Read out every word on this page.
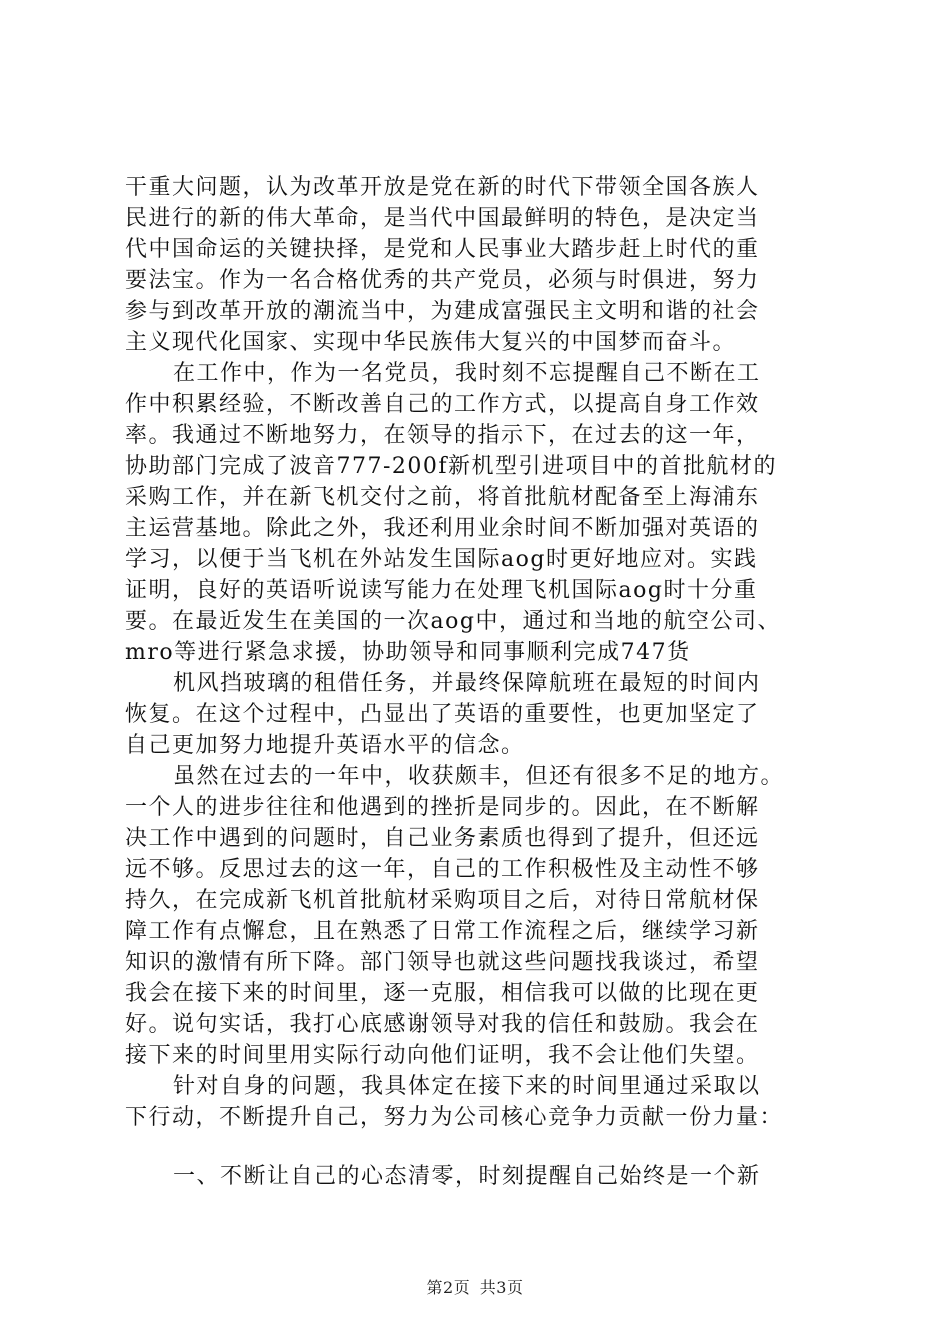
干重大问题，认为改革开放是党在新的时代下带领全国各族人
民进行的新的伟大革命，是当代中国最鲜明的特色，是决定当
代中国命运的关键抉择，是党和人民事业大踏步赶上时代的重
要法宝。作为一名合格优秀的共产党员，必须与时俱进，努力
参与到改革开放的潮流当中，为建成富强民主文明和谐的社会
主义现代化国家、实现中华民族伟大复兴的中国梦而奋斗。
在工作中，作为一名党员，我时刻不忘提醒自己不断在工
作中积累经验，不断改善自己的工作方式，以提高自身工作效
率。我通过不断地努力，在领导的指示下，在过去的这一年，
协助部门完成了波音777-200f新机型引进项目中的首批航材的
采购工作，并在新飞机交付之前，将首批航材配备至上海浦东
主运营基地。除此之外，我还利用业余时间不断加强对英语的
学习，以便于当飞机在外站发生国际aog时更好地应对。实践
证明，良好的英语听说读写能力在处理飞机国际aog时十分重
要。在最近发生在美国的一次aog中，通过和当地的航空公司、
mro等进行紧急求援，协助领导和同事顺利完成747货
机风挡玻璃的租借任务，并最终保障航班在最短的时间内
恢复。在这个过程中，凸显出了英语的重要性，也更加坚定了
自己更加努力地提升英语水平的信念。
虽然在过去的一年中，收获颇丰，但还有很多不足的地方。
一个人的进步往往和他遇到的挫折是同步的。因此，在不断解
决工作中遇到的问题时，自己业务素质也得到了提升，但还远
远不够。反思过去的这一年，自己的工作积极性及主动性不够
持久，在完成新飞机首批航材采购项目之后，对待日常航材保
障工作有点懈怠，且在熟悉了日常工作流程之后，继续学习新
知识的激情有所下降。部门领导也就这些问题找我谈过，希望
我会在接下来的时间里，逐一克服，相信我可以做的比现在更
好。说句实话，我打心底感谢领导对我的信任和鼓励。我会在
接下来的时间里用实际行动向他们证明，我不会让他们失望。
针对自身的问题，我具体定在接下来的时间里通过采取以
下行动，不断提升自己，努力为公司核心竞争力贡献一份力量：
一、不断让自己的心态清零，时刻提醒自己始终是一个新
第2页 共3页
